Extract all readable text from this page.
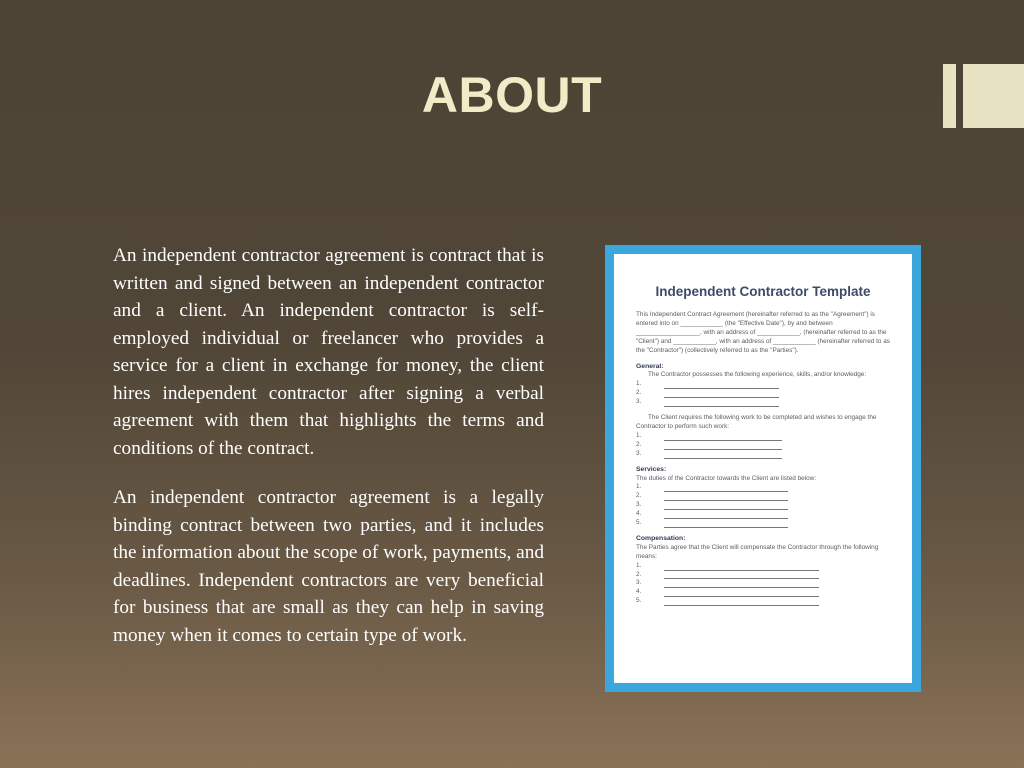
ABOUT

An independent contractor agreement is contract that is written and signed between an independent contractor and a client. An independent contractor is self-employed individual or freelancer who provides a service for a client in exchange for money, the client hires independent contractor after signing a verbal agreement with them that highlights the terms and conditions of the contract.

An independent contractor agreement is a legally binding contract between two parties, and it includes the information about the scope of work, payments, and deadlines. Independent contractors are very beneficial for business that are small as they can help in saving money when it comes to certain type of work.

Independent Contractor Template
This Independent Contract Agreement (hereinafter referred to as the "Agreement") is entered into on ____________ (the "Effective Date"), by and between __________________, with an address of ____________, (hereinafter referred to as the "Client") and ____________, with an address of ____________ (hereinafter referred to as the "Contractor") (collectively referred to as the "Parties").
General:
The Contractor possesses the following experience, skills, and/or knowledge:
1.
2.
3.
The Client requires the following work to be completed and wishes to engage the Contractor to perform such work:
1.
2.
3.
Services:
The duties of the Contractor towards the Client are listed below:
1.
2.
3.
4.
5.
Compensation:
The Parties agree that the Client will compensate the Contractor through the following means:
1.
2.
3.
4.
5.
